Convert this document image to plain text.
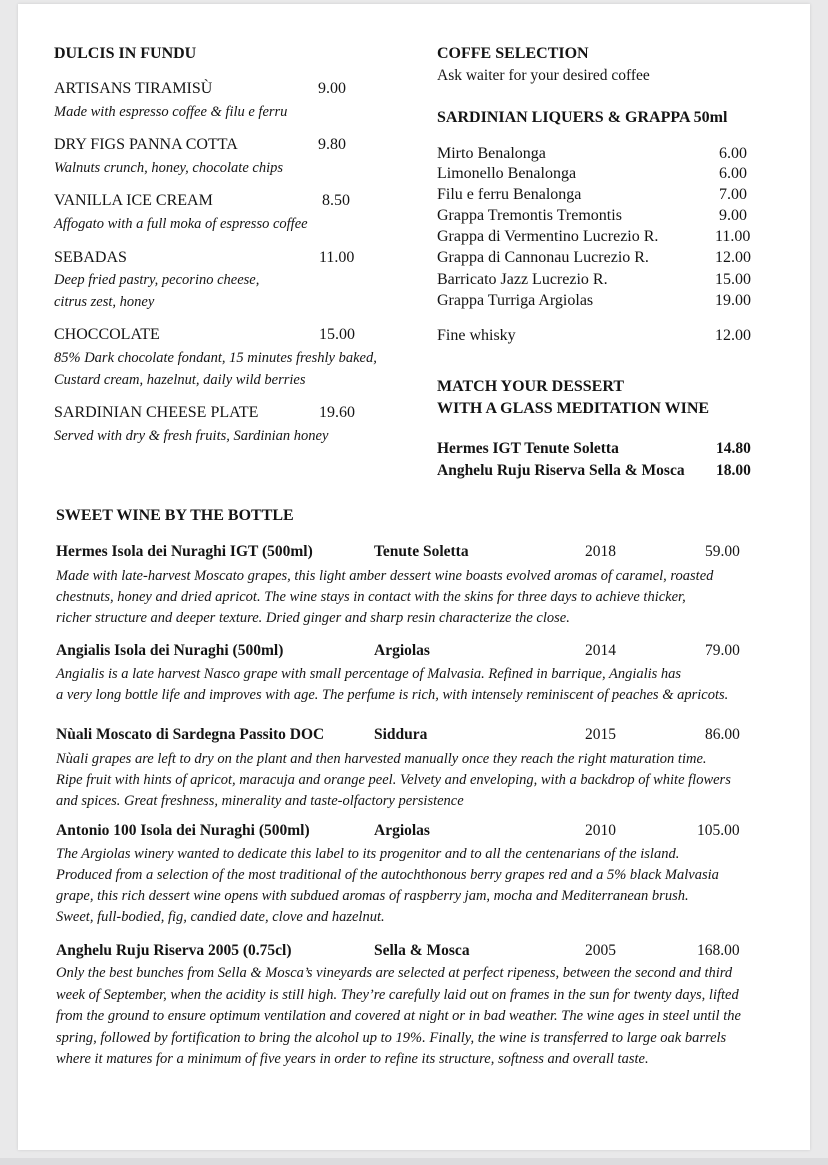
DULCIS IN FUNDU
ARTISANS TIRAMISÙ	9.00
Made with espresso coffee & filu e ferru
DRY FIGS PANNA COTTA	9.80
Walnuts crunch, honey, chocolate chips
VANILLA ICE CREAM	8.50
Affogato with a full moka of espresso coffee
SEBADAS	11.00
Deep fried pastry, pecorino cheese,
citrus zest, honey
CHOCCOLATE	15.00
85% Dark chocolate fondant, 15 minutes freshly baked,
Custard cream, hazelnut, daily wild berries
SARDINIAN CHEESE PLATE	19.60
Served with dry & fresh fruits, Sardinian honey
COFFE SELECTION
Ask waiter for your desired coffee
SARDINIAN LIQUERS & GRAPPA 50ml
Mirto Benalonga	6.00
Limonello Benalonga	6.00
Filu e ferru Benalonga	7.00
Grappa Tremontis Tremontis	9.00
Grappa di Vermentino Lucrezio R.	11.00
Grappa di Cannonau Lucrezio R.	12.00
Barricato Jazz Lucrezio R.	15.00
Grappa Turriga Argiolas	19.00
Fine whisky	12.00
MATCH YOUR DESSERT
WITH A GLASS MEDITATION WINE
Hermes IGT Tenute Soletta	14.80
Anghelu Ruju Riserva Sella & Mosca 18.00
SWEET WINE BY THE BOTTLE
Hermes Isola dei Nuraghi IGT (500ml)	Tenute Soletta	2018	59.00
Made with late-harvest Moscato grapes, this light amber dessert wine boasts evolved aromas of caramel, roasted
chestnuts, honey and dried apricot. The wine stays in contact with the skins for three days to achieve thicker,
richer structure and deeper texture. Dried ginger and sharp resin characterize the close.
Angialis Isola dei Nuraghi (500ml)	Argiolas	2014	79.00
Angialis is a late harvest Nasco grape with small percentage of Malvasia. Refined in barrique, Angialis has
a very long bottle life and improves with age. The perfume is rich, with intensely reminiscent of peaches & apricots.
Nùali Moscato di Sardegna Passito DOC	Siddura	2015	86.00
Nùali grapes are left to dry on the plant and then harvested manually once they reach the right maturation time.
Ripe fruit with hints of apricot, maracuja and orange peel. Velvety and enveloping, with a backdrop of white flowers
and spices. Great freshness, minerality and taste-olfactory persistence
Antonio 100 Isola dei Nuraghi (500ml)	Argiolas	2010	105.00
The Argiolas winery wanted to dedicate this label to its progenitor and to all the centenarians of the island.
Produced from a selection of the most traditional of the autochthonous berry grapes red and a 5% black Malvasia
grape, this rich dessert wine opens with subdued aromas of raspberry jam, mocha and Mediterranean brush.
Sweet, full-bodied, fig, candied date, clove and hazelnut.
Anghelu Ruju Riserva 2005 (0.75cl)	Sella & Mosca	2005	168.00
Only the best bunches from Sella & Mosca’s vineyards are selected at perfect ripeness, between the second and third
week of September, when the acidity is still high. They’re carefully laid out on frames in the sun for twenty days, lifted
from the ground to ensure optimum ventilation and covered at night or in bad weather. The wine ages in steel until the
spring, followed by fortification to bring the alcohol up to 19%. Finally, the wine is transferred to large oak barrels
where it matures for a minimum of five years in order to refine its structure, softness and overall taste.
